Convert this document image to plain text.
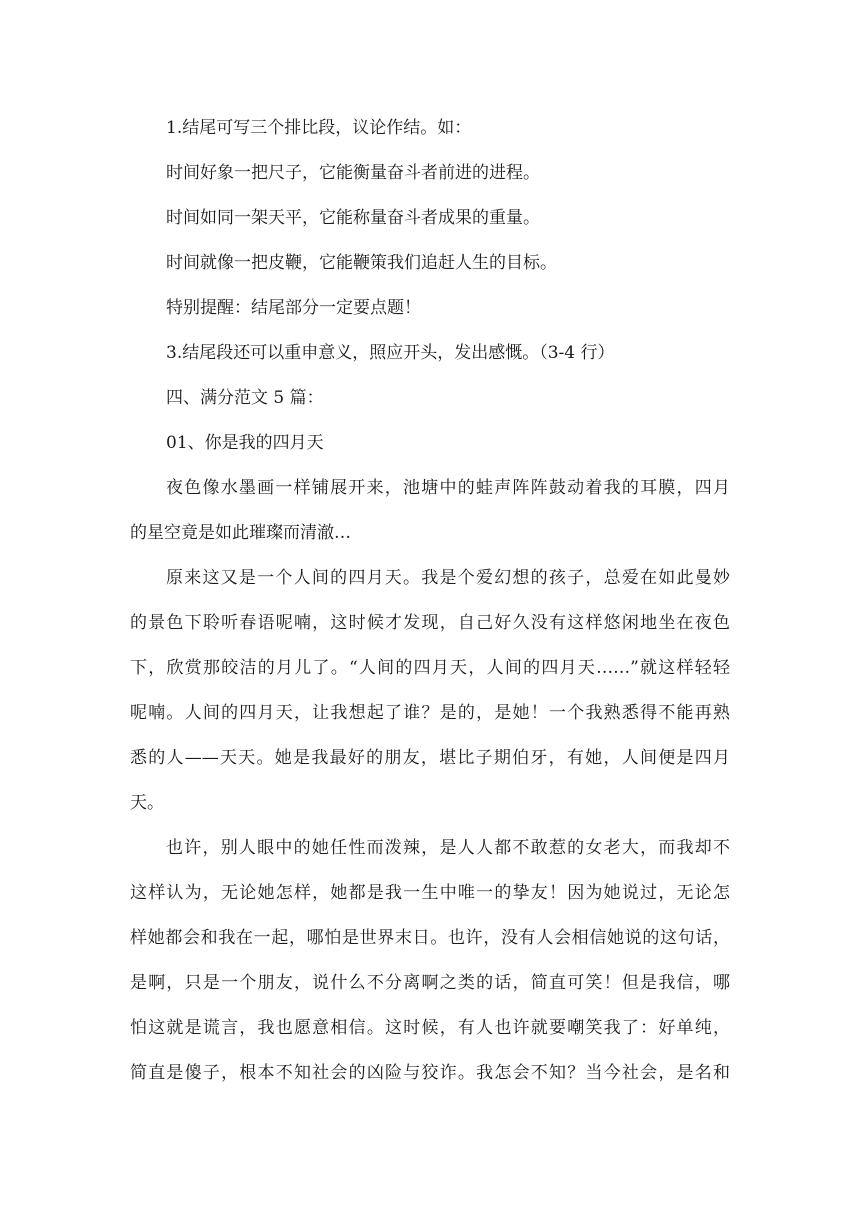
1.结尾可写三个排比段，议论作结。如：
时间好象一把尺子，它能衡量奋斗者前进的进程。
时间如同一架天平，它能称量奋斗者成果的重量。
时间就像一把皮鞭，它能鞭策我们追赶人生的目标。
特别提醒：结尾部分一定要点题！
3.结尾段还可以重申意义，照应开头，发出感慨。（3-4 行）
四、满分范文 5 篇：
01、你是我的四月天
夜色像水墨画一样铺展开来，池塘中的蛙声阵阵鼓动着我的耳膜，四月
的星空竟是如此璀璨而清澈…
原来这又是一个人间的四月天。我是个爱幻想的孩子，总爱在如此曼妙
的景色下聆听春语呢喃，这时候才发现，自己好久没有这样悠闲地坐在夜色
下，欣赏那皎洁的月儿了。“人间的四月天，人间的四月天……”就这样轻轻
呢喃。人间的四月天，让我想起了谁？是的，是她！一个我熟悉得不能再熟
悉的人——天天。她是我最好的朋友，堪比子期伯牙，有她，人间便是四月
天。
也许，别人眼中的她任性而泼辣，是人人都不敢惹的女老大，而我却不
这样认为，无论她怎样，她都是我一生中唯一的挚友！因为她说过，无论怎
样她都会和我在一起，哪怕是世界末日。也许，没有人会相信她说的这句话，
是啊，只是一个朋友，说什么不分离啊之类的话，简直可笑！但是我信，哪
怕这就是谎言，我也愿意相信。这时候，有人也许就要嘲笑我了：好单纯，
简直是傻子，根本不知社会的凶险与狡诈。我怎会不知？当今社会，是名和
